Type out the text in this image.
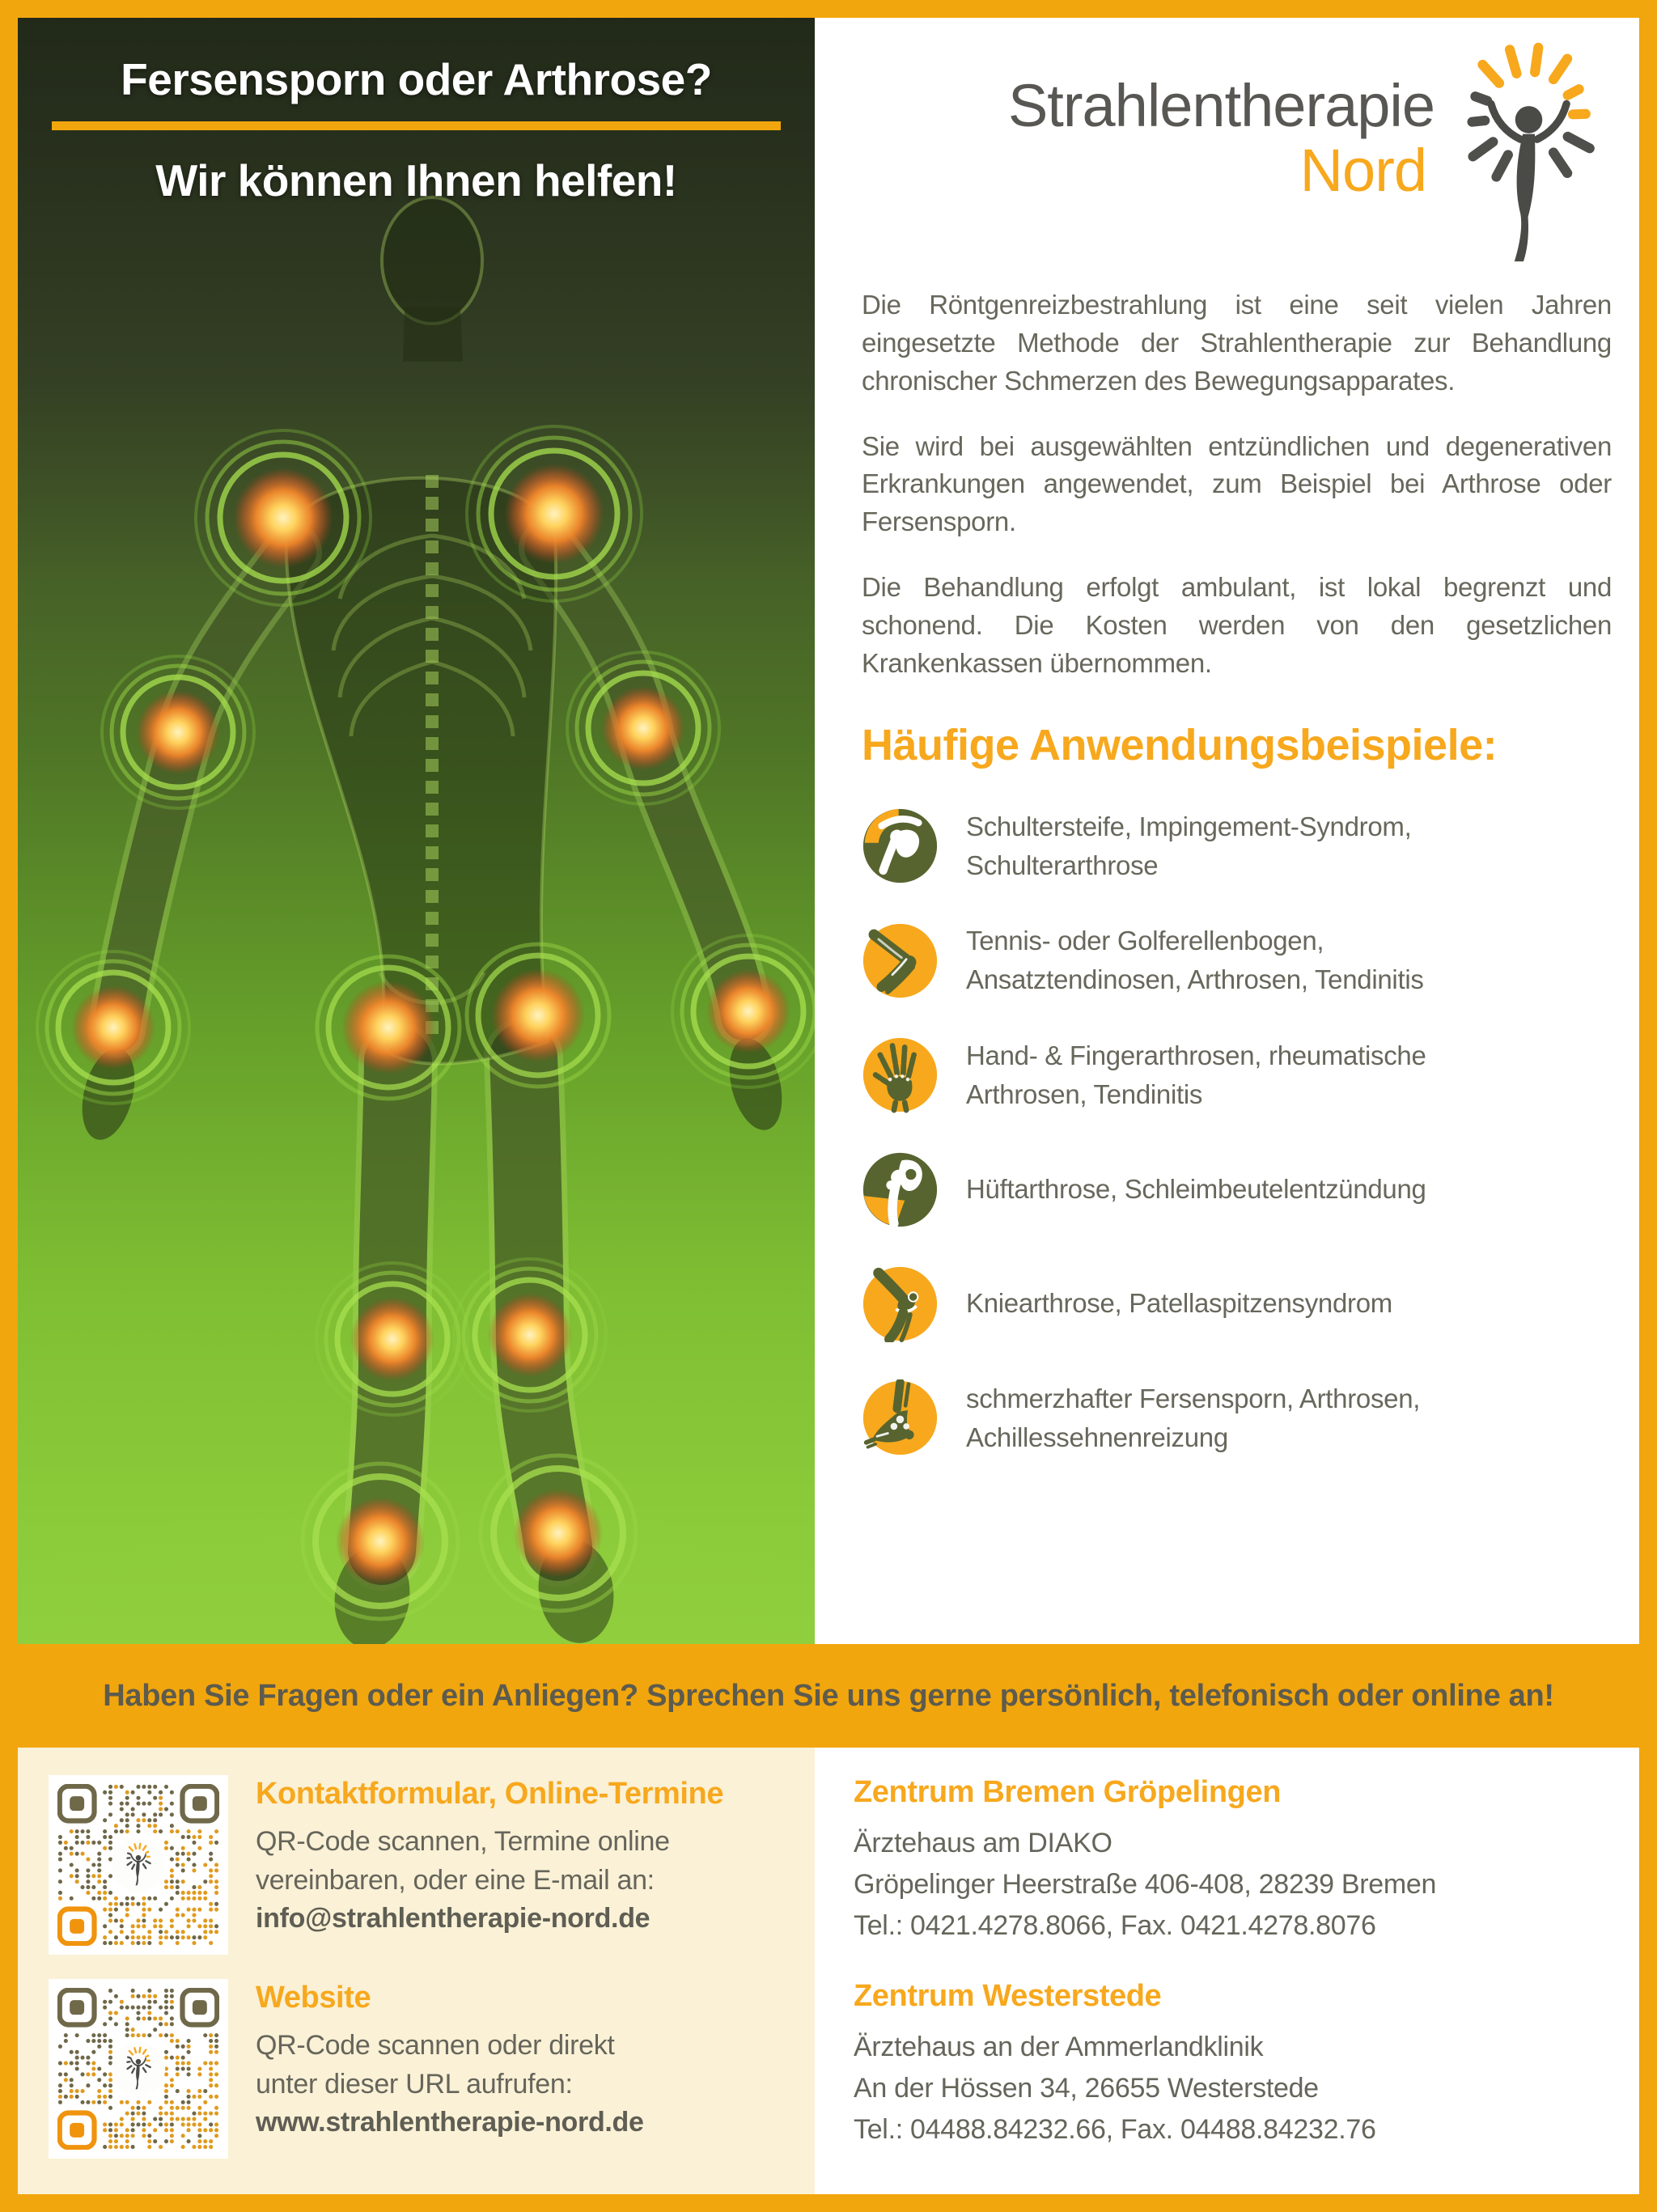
Fersensporn oder Arthrose?
Wir können Ihnen helfen!
Strahlentherapie
Nord

Die Röntgenreizbestrahlung ist eine seit vielen Jahren eingesetzte Methode der Strahlentherapie zur Behandlung chronischer Schmerzen des Bewegungsapparates.

Sie wird bei ausgewählten entzündlichen und degenerativen Erkrankungen angewendet, zum Beispiel bei Arthrose oder Fersensporn.

Die Behandlung erfolgt ambulant, ist lokal begrenzt und schonend. Die Kosten werden von den gesetzlichen Krankenkassen übernommen.

Häufige Anwendungsbeispiele:
Schultersteife, Impingement-Syndrom, Schulterarthrose
Tennis- oder Golferellenbogen, Ansatztendinosen, Arthrosen, Tendinitis
Hand- & Fingerarthrosen, rheumatische Arthrosen, Tendinitis
Hüftarthrose, Schleimbeutelentzündung
Kniearthrose, Patellaspitzensyndrom
schmerzhafter Fersensporn, Arthrosen, Achillessehnenreizung
Haben Sie Fragen oder ein Anliegen? Sprechen Sie uns gerne persönlich, telefonisch oder online an!
Kontaktformular, Online-Termine
QR-Code scannen, Termine online
vereinbaren, oder eine E-mail an:
info@strahlentherapie-nord.de
Website
QR-Code scannen oder direkt
unter dieser URL aufrufen:
www.strahlentherapie-nord.de
Zentrum Bremen Gröpelingen
Ärztehaus am DIAKO
Gröpelinger Heerstraße 406-408, 28239 Bremen
Tel.: 0421.4278.8066, Fax. 0421.4278.8076
Zentrum Westerstede
Ärztehaus an der Ammerlandklinik
An der Hössen 34, 26655 Westerstede
Tel.: 04488.84232.66, Fax. 04488.84232.76
